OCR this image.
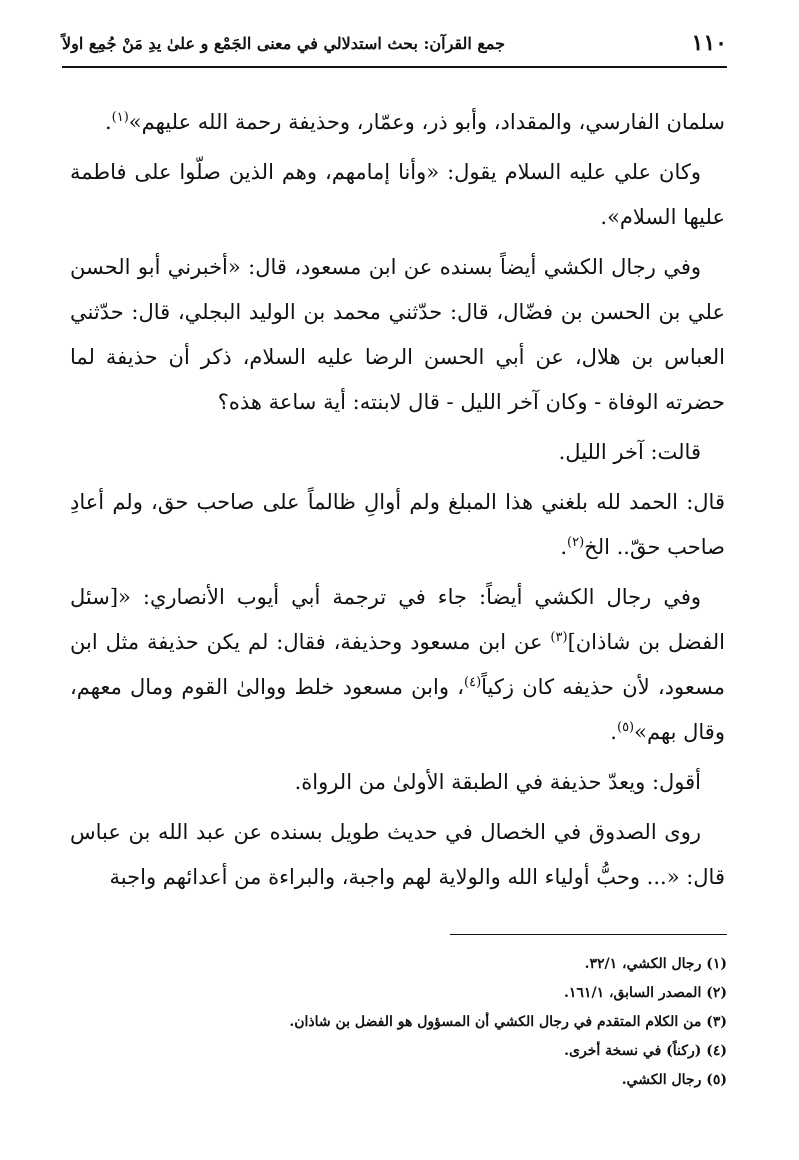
١١٠
جمع القرآن: بحث استدلالي في معنى الجَمْع و علىٰ يدِ مَنْ جُمِع اولاً

سلمان الفارسي، والمقداد، وأبو ذر، وعمّار، وحذيفة رحمة الله عليهم»$^{(١)}$.

وكان علي عليه السلام يقول: «وأنا إمامهم، وهم الذين صلّوا على فاطمة عليها السلام».

وفي رجال الكشي أيضاً بسنده عن ابن مسعود، قال: «أخبرني أبو الحسن علي بن الحسن بن فضّال، قال: حدّثني محمد بن الوليد البجلي، قال: حدّثني العباس بن هلال، عن أبي الحسن الرضا عليه السلام، ذكر أن حذيفة لما حضرته الوفاة - وكان آخر الليل - قال لابنته: أية ساعة هذه؟

قالت: آخر الليل.

قال: الحمد لله بلغني هذا المبلغ ولم أوالِ ظالماً على صاحب حق، ولم أعادِ صاحب حقّ.. الخ$^{(٢)}$.

وفي رجال الكشي أيضاً: جاء في ترجمة أبي أيوب الأنصاري: «[سئل الفضل بن شاذان]$^{(٣)}$ عن ابن مسعود وحذيفة، فقال: لم يكن حذيفة مثل ابن مسعود، لأن حذيفه كان زكياً$^{(٤)}$، وابن مسعود خلط ووالىٰ القوم ومال معهم، وقال بهم»$^{(٥)}$.

أقول: ويعدّ حذيفة في الطبقة الأولىٰ من الرواة.

روى الصدوق في الخصال في حديث طويل بسنده عن عبد الله بن عباس قال: «... وحبُّ أولياء الله والولاية لهم واجبة، والبراءة من أعدائهم واجبة

(١) رجال الكشي، ٣٢/١.

(٢) المصدر السابق، ١٦١/١.

(٣) من الكلام المتقدم في رجال الكشي أن المسؤول هو الفضل بن شاذان.

(٤) (ركناً) في نسخة أخرى.

(٥) رجال الكشي.
